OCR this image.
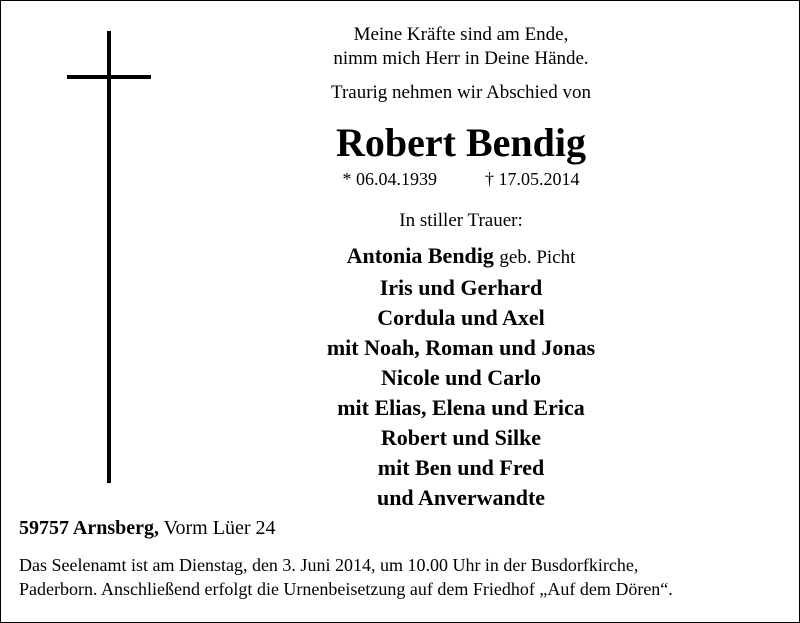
Meine Kräfte sind am Ende,
nimm mich Herr in Deine Hände.
Traurig nehmen wir Abschied von
Robert Bendig
* 06.04.1939	† 17.05.2014
In stiller Trauer:
Antonia Bendig geb. Picht
Iris und Gerhard
Cordula und Axel
mit Noah, Roman und Jonas
Nicole und Carlo
mit Elias, Elena und Erica
Robert und Silke
mit Ben und Fred
und Anverwandte
59757 Arnsberg, Vorm Lüer 24
Das Seelenamt ist am Dienstag, den 3. Juni 2014, um 10.00 Uhr in der Busdorfkirche,
Paderborn. Anschließend erfolgt die Urnenbeisetzung auf dem Friedhof „Auf dem Dören“.
